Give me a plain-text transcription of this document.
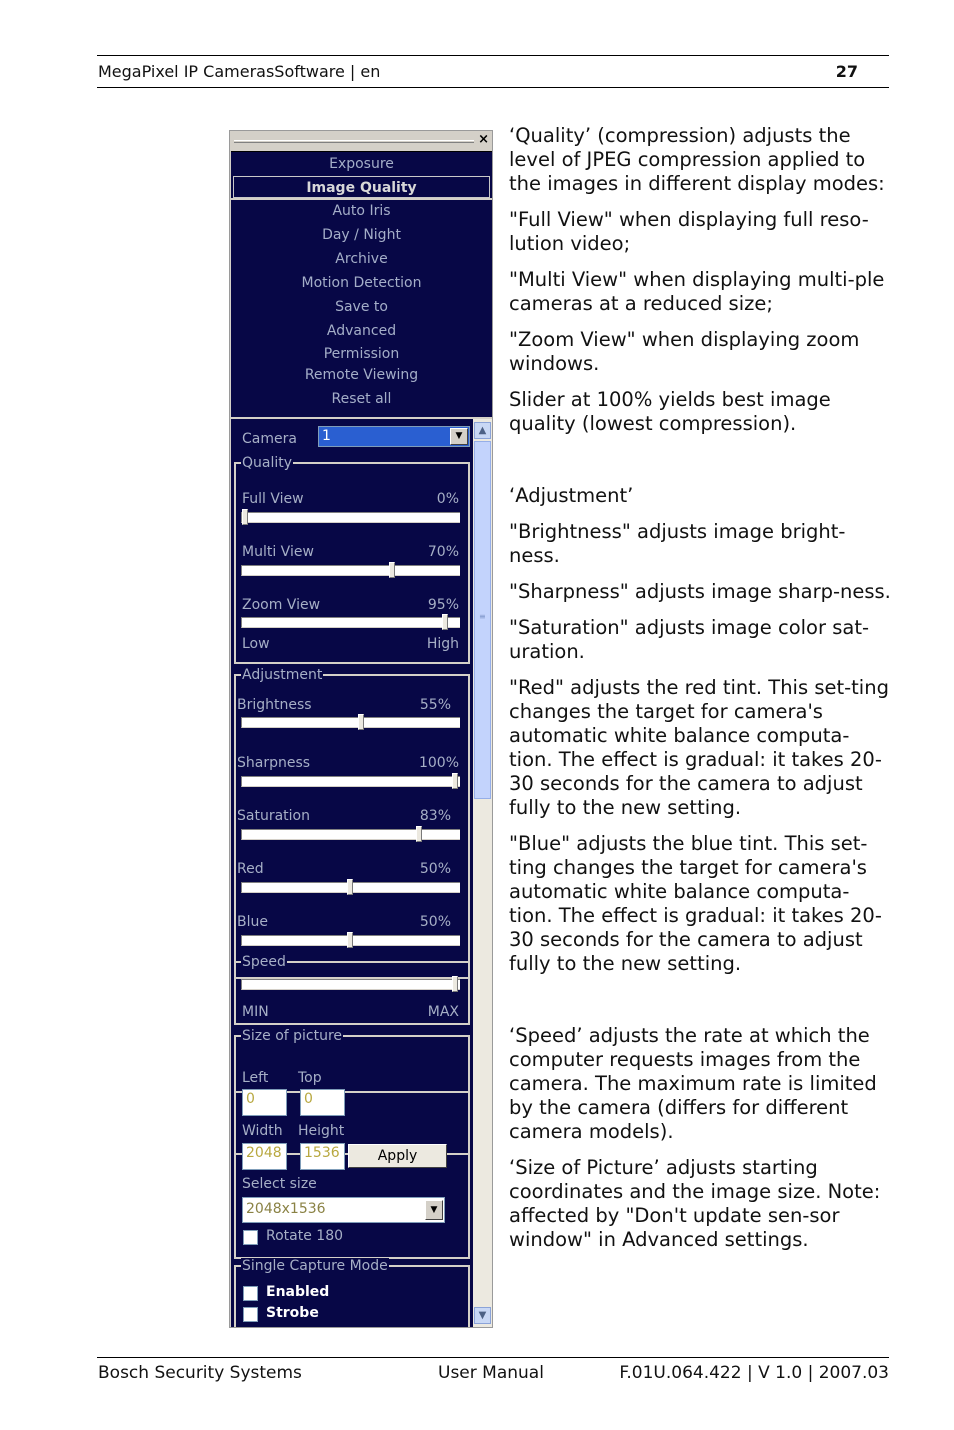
MegaPixel IP CamerasSoftware | en	27
×
Exposure
Image Quality
Auto Iris
Day / Night
Archive
Motion Detection
Save to
Advanced
Permission
Remote Viewing
Reset all
Camera 1	▼
Quality
Full View	0%
Multi View	70%
Zoom View	95%
Low	High
Adjustment
Brightness	55%
Sharpness	100%
Saturation	83%
Red	50%
Blue	50%
Speed
MIN	MAX
Size of picture
Left Top
0	0
Width Height
2048 1536	Apply
Select size
2048x1536	▼
Rotate 180
Single Capture Mode
Enabled
Strobe
▲
≡
▼

‘Quality’ (compression) adjusts the level of JPEG compression applied to the images in different display modes:

"Full View" when displaying full reso-lution video;

"Multi View" when displaying multi-ple cameras at a reduced size;

"Zoom View" when displaying zoom windows.

Slider at 100% yields best image quality (lowest compression).

‘Adjustment’

"Brightness" adjusts image bright-ness.

"Sharpness" adjusts image sharp-ness.

"Saturation" adjusts image color sat-uration.

"Red" adjusts the red tint. This set-ting changes the target for camera's automatic white balance computa-tion. The effect is gradual: it takes 20-30 seconds for the camera to adjust fully to the new setting.

"Blue" adjusts the blue tint. This set-ting changes the target for camera's automatic white balance computa-tion. The effect is gradual: it takes 20-30 seconds for the camera to adjust fully to the new setting.

‘Speed’ adjusts the rate at which the computer requests images from the camera. The maximum rate is limited by the camera (differs for different camera models).

‘Size of Picture’ adjusts starting coordinates and the image size. Note: affected by "Don't update sen-sor window" in Advanced settings.

Bosch Security Systems	User Manual	F.01U.064.422 | V 1.0 | 2007.03
